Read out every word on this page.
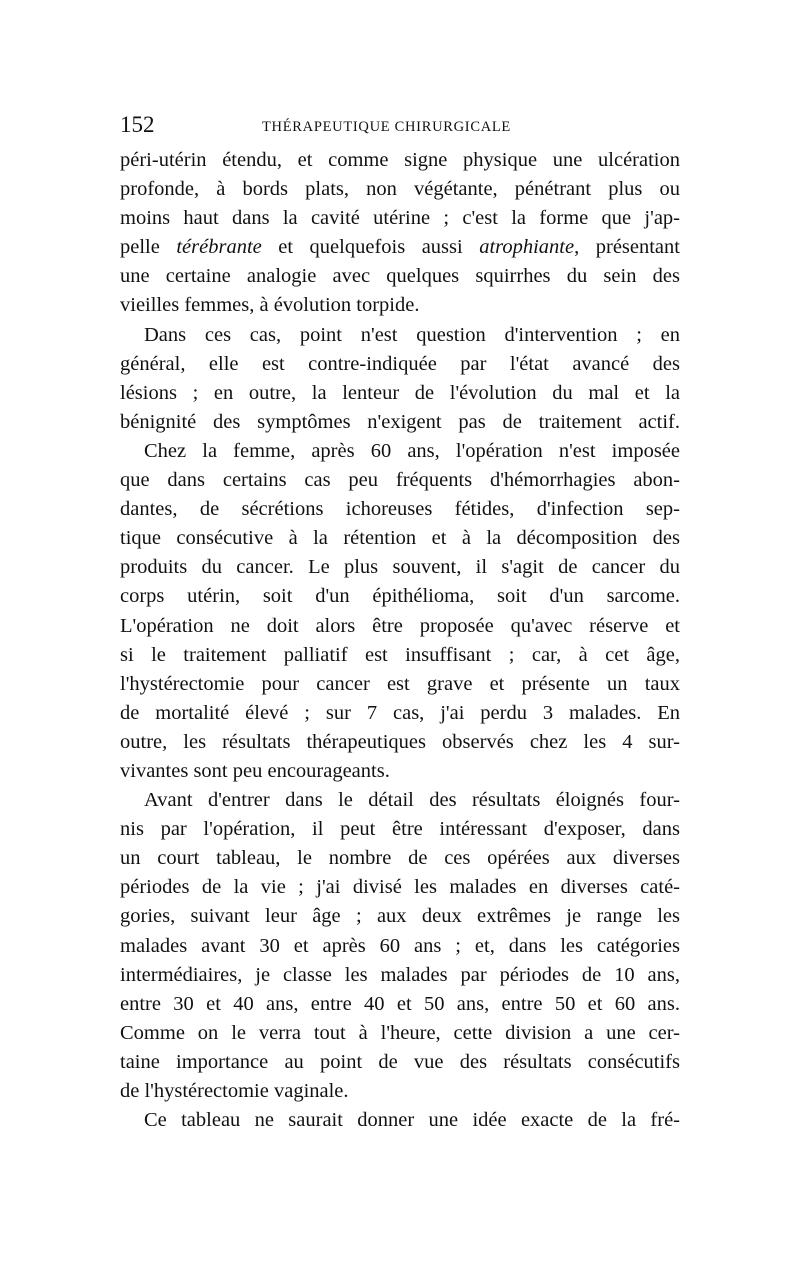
152	THÉRAPEUTIQUE CHIRURGICALE
péri-utérin étendu, et comme signe physique une ulcération
profonde, à bords plats, non végétante, pénétrant plus ou
moins haut dans la cavité utérine ; c'est la forme que j'ap-
pelle térébrante et quelquefois aussi atrophiante, présentant
une certaine analogie avec quelques squirrhes du sein des
vieilles femmes, à évolution torpide.
Dans ces cas, point n'est question d'intervention ; en
général, elle est contre-indiquée par l'état avancé des
lésions ; en outre, la lenteur de l'évolution du mal et la
bénignité des symptômes n'exigent pas de traitement actif.
Chez la femme, après 60 ans, l'opération n'est imposée
que dans certains cas peu fréquents d'hémorrhagies abon-
dantes, de sécrétions ichoreuses fétides, d'infection sep-
tique consécutive à la rétention et à la décomposition des
produits du cancer. Le plus souvent, il s'agit de cancer du
corps utérin, soit d'un épithélioma, soit d'un sarcome.
L'opération ne doit alors être proposée qu'avec réserve et
si le traitement palliatif est insuffisant ; car, à cet âge,
l'hystérectomie pour cancer est grave et présente un taux
de mortalité élevé ; sur 7 cas, j'ai perdu 3 malades. En
outre, les résultats thérapeutiques observés chez les 4 sur-
vivantes sont peu encourageants.
Avant d'entrer dans le détail des résultats éloignés four-
nis par l'opération, il peut être intéressant d'exposer, dans
un court tableau, le nombre de ces opérées aux diverses
périodes de la vie ; j'ai divisé les malades en diverses caté-
gories, suivant leur âge ; aux deux extrêmes je range les
malades avant 30 et après 60 ans ; et, dans les catégories
intermédiaires, je classe les malades par périodes de 10 ans,
entre 30 et 40 ans, entre 40 et 50 ans, entre 50 et 60 ans.
Comme on le verra tout à l'heure, cette division a une cer-
taine importance au point de vue des résultats consécutifs
de l'hystérectomie vaginale.
Ce tableau ne saurait donner une idée exacte de la fré-
